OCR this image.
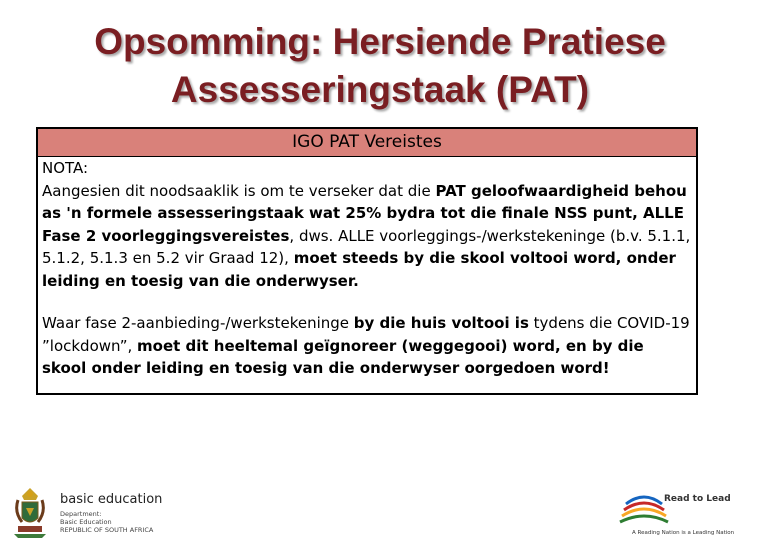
Opsomming: Hersiende Pratiese
Assesseringstaak (PAT)
IGO PAT Vereistes

NOTA:

Aangesien dit noodsaaklik is om te verseker dat die PAT geloofwaardigheid behou as 'n formele assesseringstaak wat 25% bydra tot die finale NSS punt, ALLE Fase 2 voorleggingsvereistes, dws. ALLE voorleggings-/werkstekeninge (b.v. 5.1.1, 5.1.2, 5.1.3 en 5.2 vir Graad 12), moet steeds by die skool voltooi word, onder leiding en toesig van die onderwyser.

Waar fase 2-aanbieding-/werkstekeninge by die huis voltooi is tydens die COVID-19 ”lockdown”, moet dit heeltemal geïgnoreer (weggegooi) word, en by die skool onder leiding en toesig van die onderwyser oorgedoen word!

basic education
Department:
Basic Education
REPUBLIC OF SOUTH AFRICA
Read to Lead
A Reading Nation is a Leading Nation
